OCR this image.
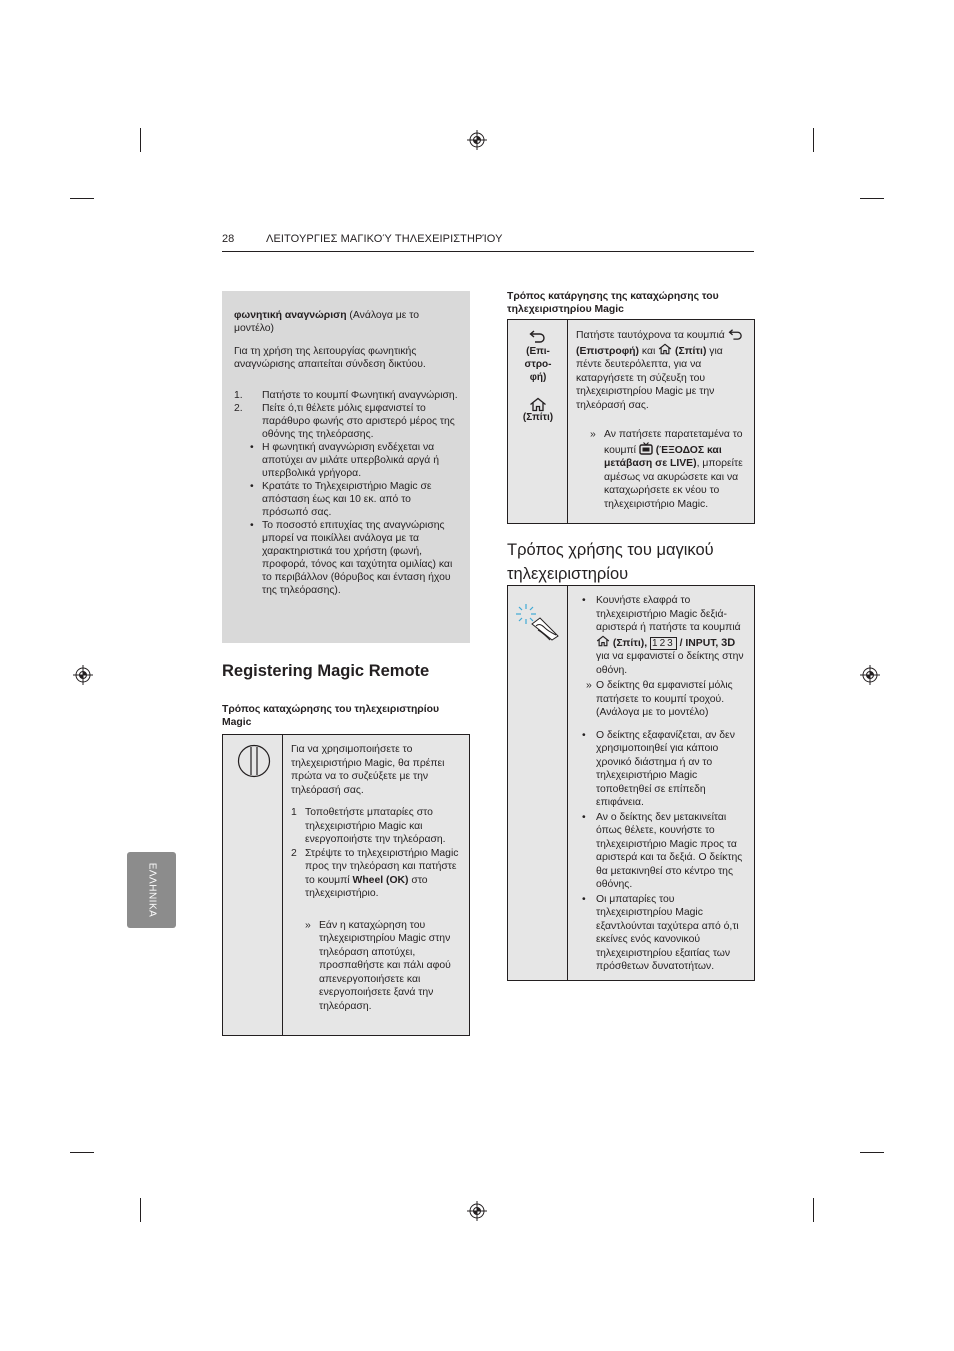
28	ΛΕΙΤΟΥΡΓΙΕΣ ΜΑΓΙΚΟΎ ΤΗΛΕΧΕΙΡΙΣΤΗΡΊΟΥ
ΕΛΛΗΝΙΚΑ

φωνητική αναγνώριση (Ανάλογα με το μοντέλο)

Για τη χρήση της λειτουργίας φωνητικής αναγνώρισης απαιτείται σύνδεση δικτύου.

1.	Πατήστε το κουμπί Φωνητική αναγνώριση.
2.	Πείτε ό,τι θέλετε μόλις εμφανιστεί το παράθυρο φωνής στο αριστερό μέρος της οθόνης της τηλεόρασης.
• Η φωνητική αναγνώριση ενδέχεται να αποτύχει αν μιλάτε υπερβολικά αργά ή υπερβολικά γρήγορα.
• Κρατάτε το Τηλεχειριστήριο Magic σε απόσταση έως και 10 εκ. από το πρόσωπό σας.
• Το ποσοστό επιτυχίας της αναγνώρισης μπορεί να ποικίλλει ανάλογα με τα χαρακτηριστικά του χρήστη (φωνή, προφορά, τόνος και ταχύτητα ομιλίας) και το περιβάλλον (θόρυβος και ένταση ήχου της τηλεόρασης).
Registering Magic Remote
Τρόπος καταχώρησης του τηλεχειριστηρίου Magic
Για να χρησιμοποιήσετε το τηλεχειριστήριο Magic, θα πρέπει πρώτα να το συζεύξετε με την τηλεόρασή σας.
1 Τοποθετήστε μπαταρίες στο τηλεχειριστήριο Magic και ενεργοποιήστε την τηλεόραση.
2 Στρέψτε το τηλεχειριστήριο Magic προς την τηλεόραση και πατήστε το κουμπί Wheel (OK) στο τηλεχειριστήριο.
» Εάν η καταχώρηση του τηλεχειριστηρίου Magic στην τηλεόραση αποτύχει, προσπαθήστε και πάλι αφού απενεργοποιήσετε και ενεργοποιήσετε ξανά την τηλεόραση.
Τρόπος κατάργησης της καταχώρησης του τηλεχειριστηρίου Magic
(Επι-
στρο-
φή)
(Σπίτι)
Πατήστε ταυτόχρονα τα κουμπιά  (Επιστροφή) και  (Σπίτι) για πέντε δευτερόλεπτα, για να καταργήσετε τη σύζευξη του τηλεχειριστηρίου Magic με την τηλεόρασή σας.
» Αν πατήσετε παρατεταμένα το κουμπί  (ΈΞΟΔΟΣ και μετάβαση σε LIVE), μπορείτε αμέσως να ακυρώσετε και να καταχωρήσετε εκ νέου το τηλεχειριστήριο Magic.
Τρόπος χρήσης του μαγικού τηλεχειριστηρίου
• Κουνήστε ελαφρά το τηλεχειριστήριο Magic δεξιά-αριστερά ή πατήστε τα κουμπιά  (Σπίτι), 123 / INPUT, 3D για να εμφανιστεί ο δείκτης στην οθόνη.
» Ο δείκτης θα εμφανιστεί μόλις πατήσετε το κουμπί τροχού.(Ανάλογα με το μοντέλο)
• Ο δείκτης εξαφανίζεται, αν δεν χρησιμοποιηθεί για κάποιο χρονικό διάστημα ή αν το τηλεχειριστήριο Magic τοποθετηθεί σε επίπεδη επιφάνεια.
• Αν ο δείκτης δεν μετακινείται όπως θέλετε, κουνήστε το τηλεχειριστήριο Magic προς τα αριστερά και τα δεξιά. Ο δείκτης θα μετακινηθεί στο κέντρο της οθόνης.
• Οι μπαταρίες του τηλεχειριστηρίου Magic εξαντλούνται ταχύτερα από ό,τι εκείνες ενός κανονικού τηλεχειριστηρίου εξαιτίας των πρόσθετων δυνατοτήτων.
